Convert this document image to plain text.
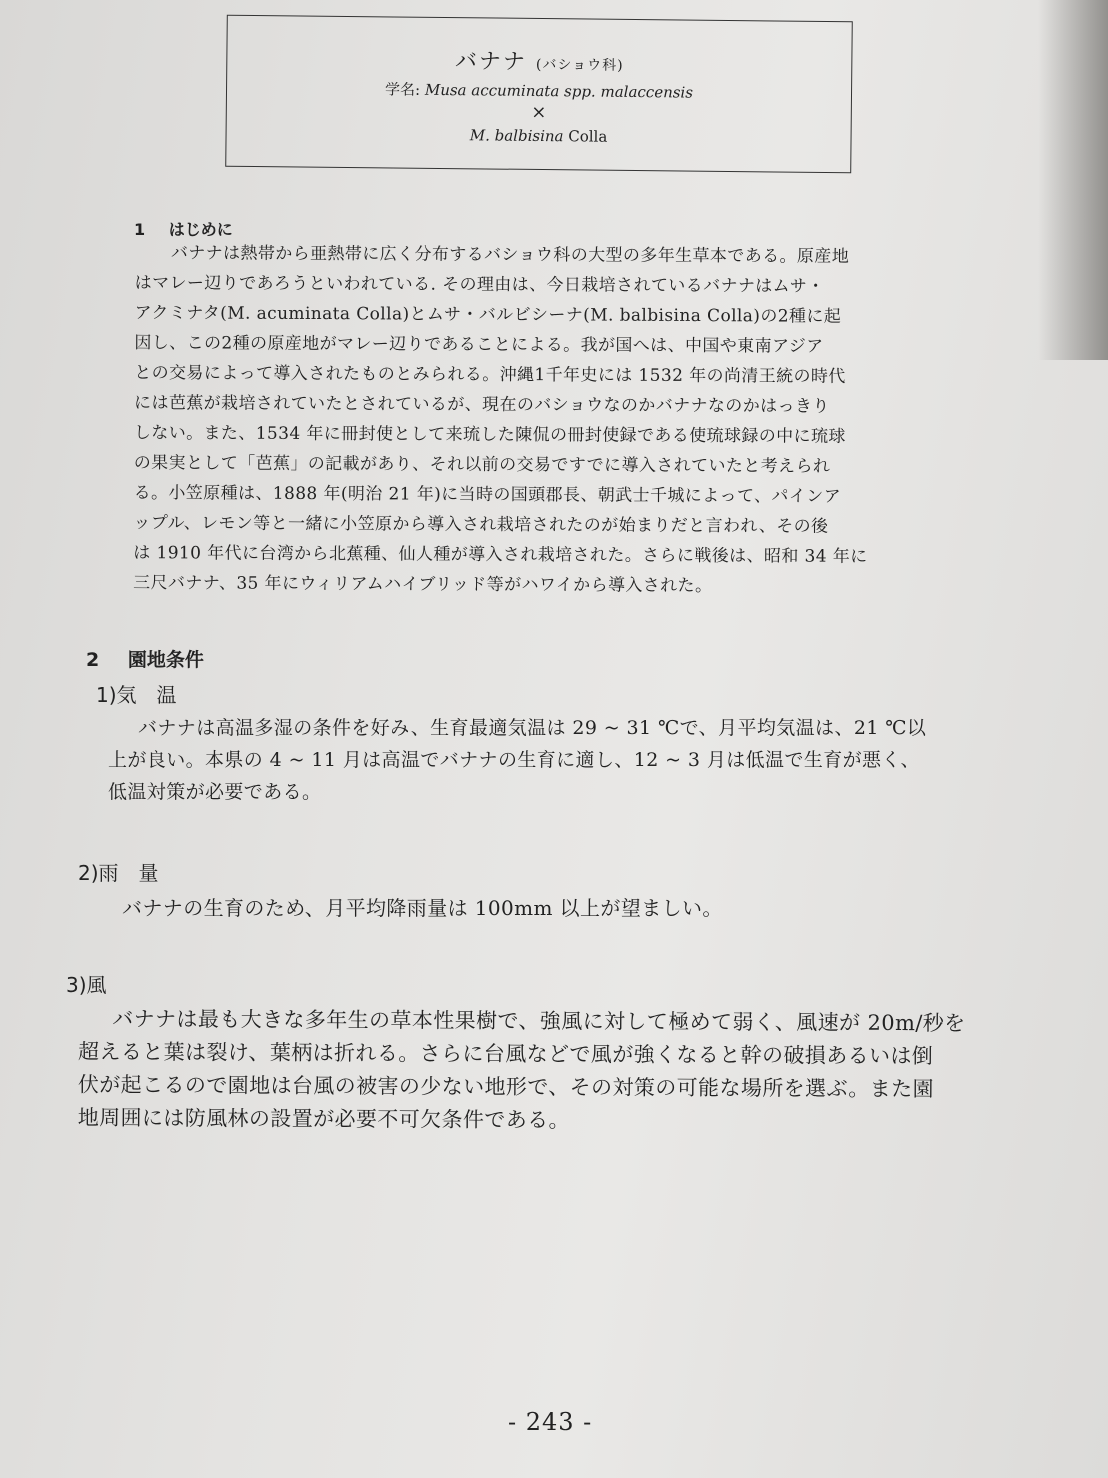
バナナ (バショウ科)
学名: Musa accuminata spp. malaccensis
×
M. balbisina Colla
1 はじめに
バナナは熱帯から亜熱帯に広く分布するバショウ科の大型の多年生草本である。原産地
はマレー辺りであろうといわれている. その理由は、今日栽培されているバナナはムサ・
アクミナタ(M. acuminata Colla)とムサ・バルビシーナ(M. balbisina Colla)の2種に起
因し、この2種の原産地がマレー辺りであることによる。我が国へは、中国や東南アジア
との交易によって導入されたものとみられる。沖縄1千年史には 1532 年の尚清王統の時代
には芭蕉が栽培されていたとされているが、現在のバショウなのかバナナなのかはっきり
しない。また、1534 年に冊封使として来琉した陳侃の冊封使録である使琉球録の中に琉球
の果実として「芭蕉」の記載があり、それ以前の交易ですでに導入されていたと考えられ
る。小笠原種は、1888 年(明治 21 年)に当時の国頭郡長、朝武士千城によって、パインア
ップル、レモン等と一緒に小笠原から導入され栽培されたのが始まりだと言われ、その後
は 1910 年代に台湾から北蕉種、仙人種が導入され栽培された。さらに戦後は、昭和 34 年に
三尺バナナ、35 年にウィリアムハイブリッド等がハワイから導入された。
2 園地条件
1)気　温
バナナは高温多湿の条件を好み、生育最適気温は 29 ~ 31 ℃で、月平均気温は、21 ℃以
上が良い。本県の 4 ~ 11 月は高温でバナナの生育に適し、12 ~ 3 月は低温で生育が悪く、
低温対策が必要である。
2)雨　量
バナナの生育のため、月平均降雨量は 100mm 以上が望ましい。
3)風
バナナは最も大きな多年生の草本性果樹で、強風に対して極めて弱く、風速が 20m/秒を
超えると葉は裂け、葉柄は折れる。さらに台風などで風が強くなると幹の破損あるいは倒
伏が起こるので園地は台風の被害の少ない地形で、その対策の可能な場所を選ぶ。また園
地周囲には防風林の設置が必要不可欠条件である。
- 243 -
